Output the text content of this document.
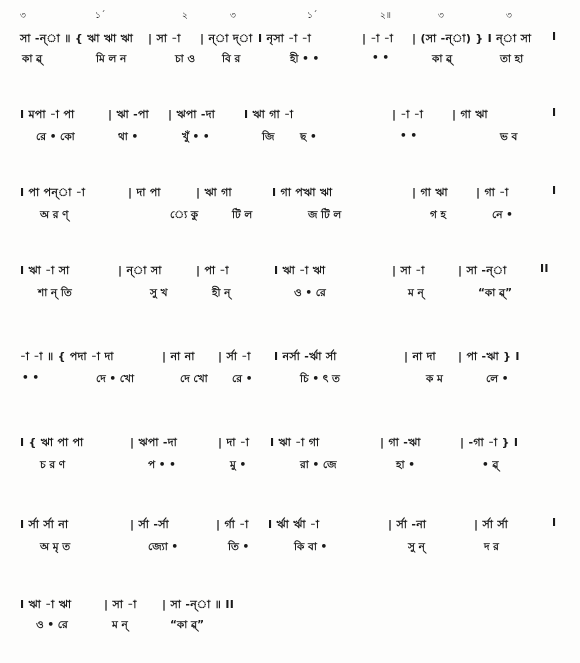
৩	১´	২	৩	১´	২॥	৩	৩
সা -ন্‌া ॥ { ঋা ঋা ঋা | সা -া | ন্‌া দ্‌া I নৃসা -া -া	| -া -া | (সা -ন্‌া) } I ন্‌া সা I
কা ৱ্‌	মি ল ন	চা ও	বি র	হী • •	• •	কা ৱ্‌	তা হা
I মপা -া পা	| ঋা -পা | ঋপা -দা	I ঋা গা -া	| -া -া	| গা ঋা	I
রে • কো	থা •	খুঁ • •	জি ছ •	• •	ভ ব
I পা পন্‌া -া	| দা পা	| ঋা গা	I গা পঋা ঋা	| গা ঋা	| গা -া	I
অ র ণ্‌	্যে কু	টি ল	জ টি ল	গ হ	নে •
I ঋা -া সা	| ন্‌া সা	| পা -া	I ঋা -া ঋা	| সা -া	| সা -ন্‌া	II
শা ন্‌ তি	সু খ	হী ন্‌	ও • রে	ম ন্‌	“কা ৱ্‌”
-া -া ॥ { পদা -া দা	| না না | র্সা -া I নর্সা -র্ঋা র্সা	| না দা | পা -ঋা } I
• •	দে • খো	দে খো রে •	চি • ৎ ত	ক ম	লে •
I { ঋা পা পা	| ঋপা -দা	| দা -া I ঋা -া গা	| গা -ঋা	| -গা -া } I
চ র ণ	প • •	মু •	রা • জে	হা •	• ৱ্‌
I র্সা র্সা না	| র্সা -র্সা	| র্গা -া I র্ঋা র্ঋা -া	| র্সা -না	| র্সা র্সা	I
অ মৃ ত	জ্যো •	তি •	কি বা •	সু ন্‌	দ র
I ঋা -া ঋা	| সা -া | সা -ন্‌া ॥ II
ও • রে	ম ন্‌	“কা ৱ্‌”
